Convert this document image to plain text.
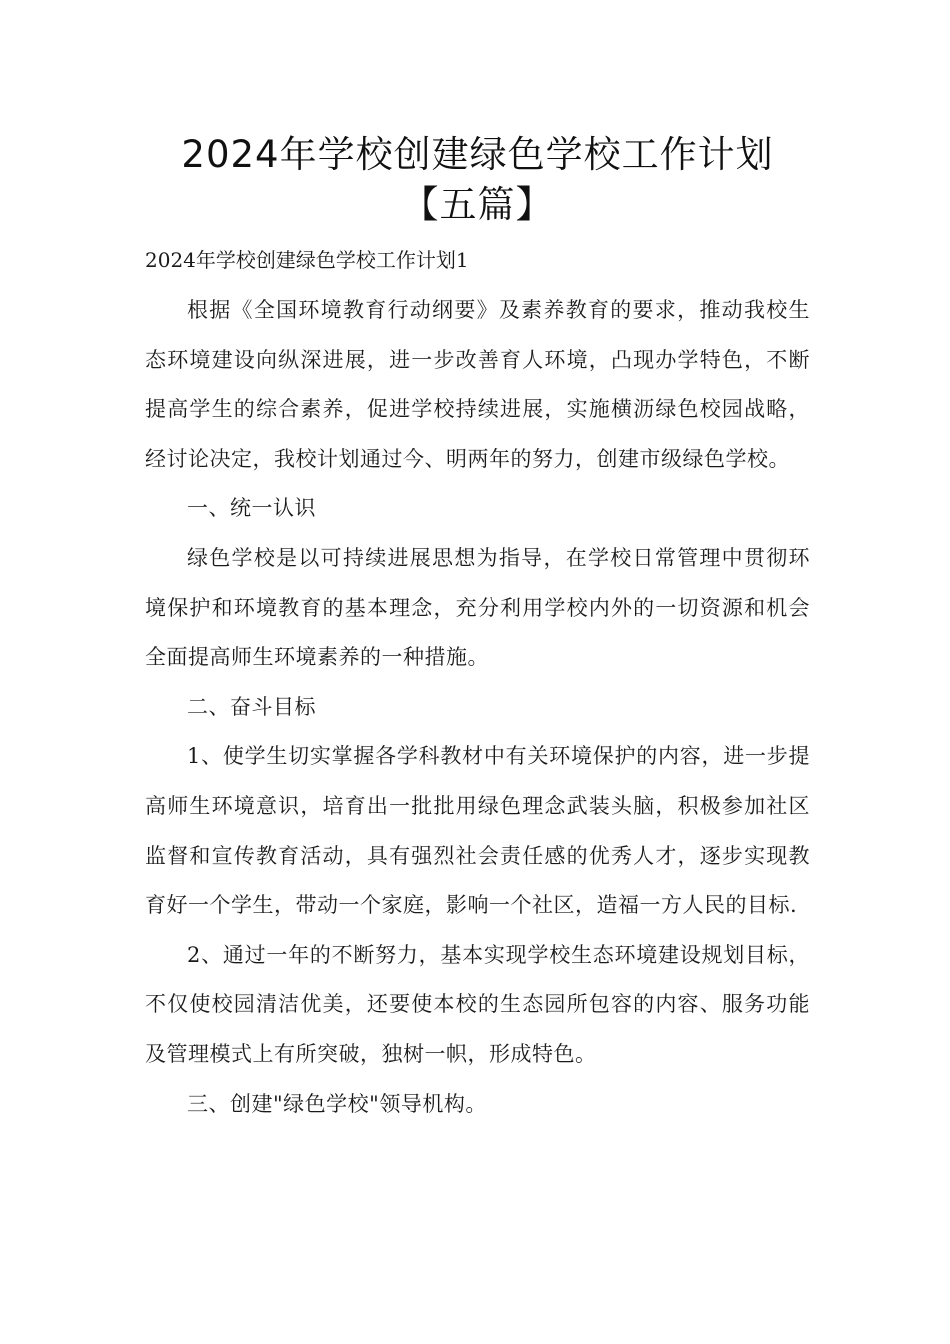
2024年学校创建绿色学校工作计划【五篇】

2024年学校创建绿色学校工作计划1

根据《全国环境教育行动纲要》及素养教育的要求，推动我校生态环境建设向纵深进展，进一步改善育人环境，凸现办学特色，不断提高学生的综合素养，促进学校持续进展，实施横沥绿色校园战略，经讨论决定，我校计划通过今、明两年的努力，创建市级绿色学校。

一、统一认识

绿色学校是以可持续进展思想为指导，在学校日常管理中贯彻环境保护和环境教育的基本理念，充分利用学校内外的一切资源和机会全面提高师生环境素养的一种措施。

二、奋斗目标

1、使学生切实掌握各学科教材中有关环境保护的内容，进一步提高师生环境意识，培育出一批批用绿色理念武装头脑，积极参加社区监督和宣传教育活动，具有强烈社会责任感的优秀人才，逐步实现教育好一个学生，带动一个家庭，影响一个社区，造福一方人民的目标.

2、通过一年的不断努力，基本实现学校生态环境建设规划目标，不仅使校园清洁优美，还要使本校的生态园所包容的内容、服务功能及管理模式上有所突破，独树一帜，形成特色。

三、创建"绿色学校"领导机构。
